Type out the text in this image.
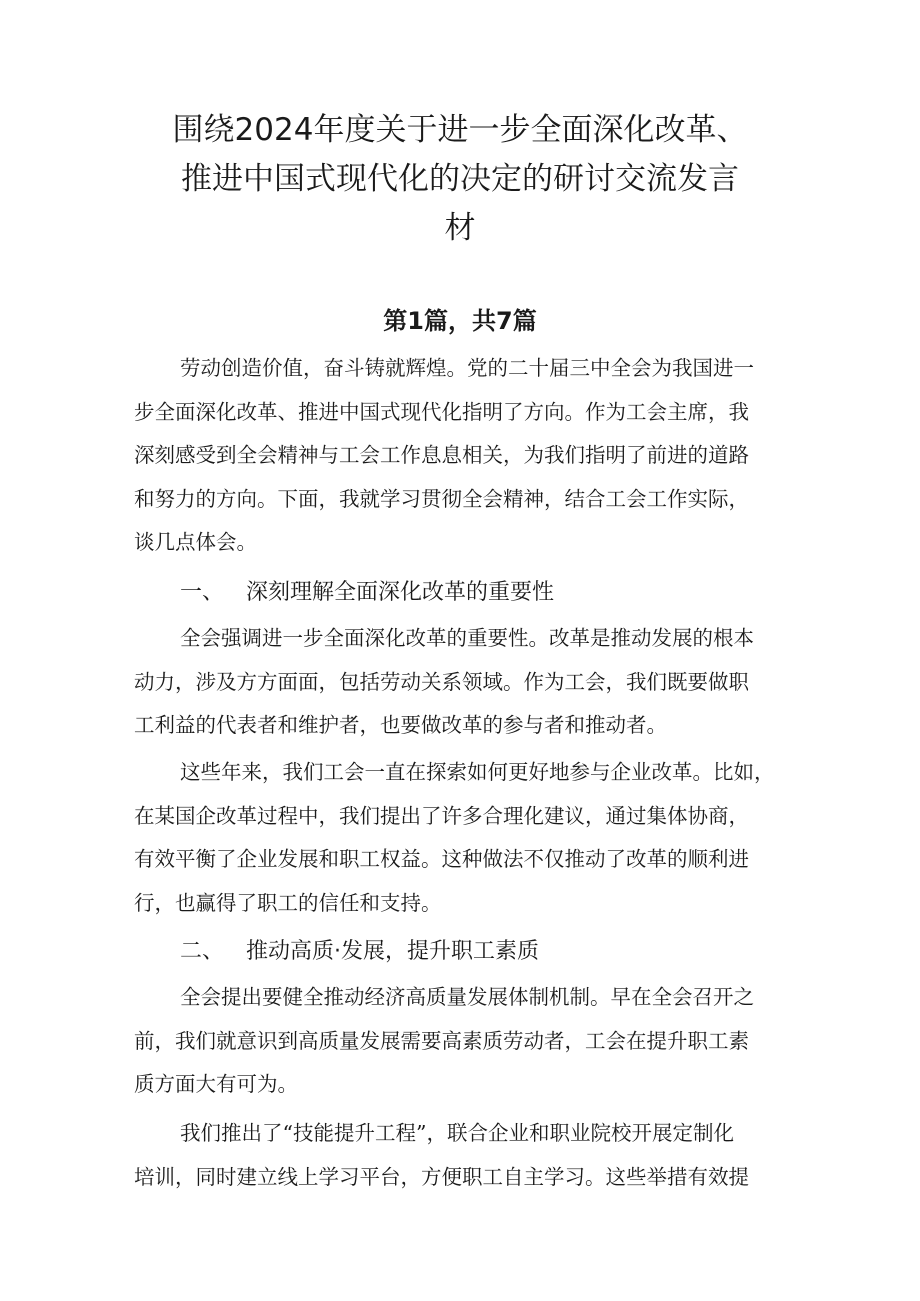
围绕2024年度关于进一步全面深化改革、
推进中国式现代化的决定的研讨交流发言
材
第1篇，共7篇
劳动创造价值，奋斗铸就辉煌。党的二十届三中全会为我国进一
步全面深化改革、推进中国式现代化指明了方向。作为工会主席，我
深刻感受到全会精神与工会工作息息相关，为我们指明了前进的道路
和努力的方向。下面，我就学习贯彻全会精神，结合工会工作实际，
谈几点体会。
一、 深刻理解全面深化改革的重要性
全会强调进一步全面深化改革的重要性。改革是推动发展的根本
动力，涉及方方面面，包括劳动关系领域。作为工会，我们既要做职
工利益的代表者和维护者，也要做改革的参与者和推动者。
这些年来，我们工会一直在探索如何更好地参与企业改革。比如，
在某国企改革过程中，我们提出了许多合理化建议，通过集体协商，
有效平衡了企业发展和职工权益。这种做法不仅推动了改革的顺利进
行，也赢得了职工的信任和支持。
二、 推动高质·发展，提升职工素质
全会提出要健全推动经济高质量发展体制机制。早在全会召开之
前，我们就意识到高质量发展需要高素质劳动者，工会在提升职工素
质方面大有可为。
我们推出了“技能提升工程”，联合企业和职业院校开展定制化
培训，同时建立线上学习平台，方便职工自主学习。这些举措有效提
